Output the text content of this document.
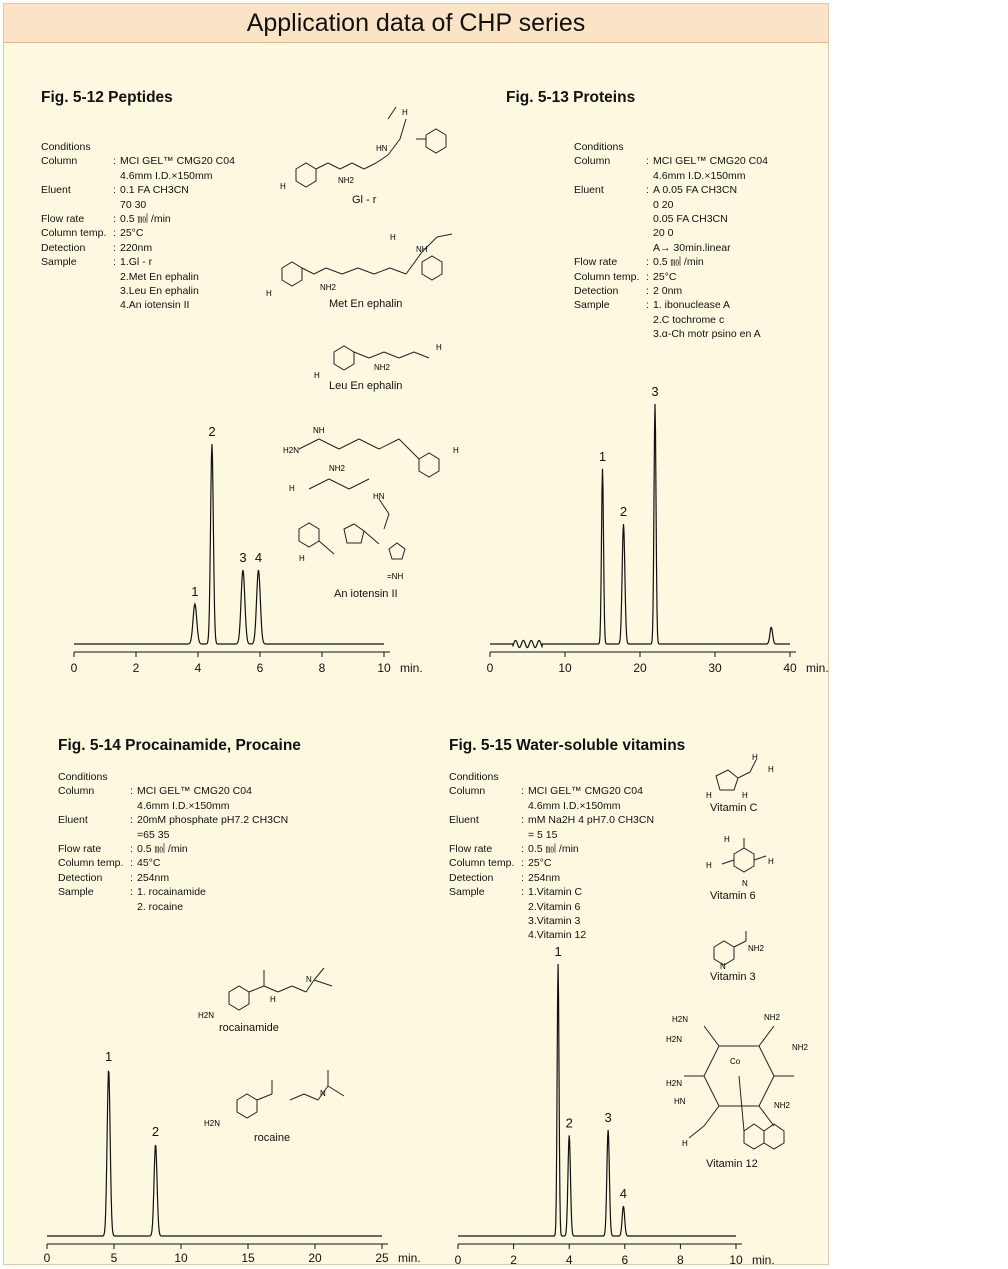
Application data of CHP series
Fig. 5-12 Peptides	Fig. 5-13 Proteins
Fig. 5-14 Procainamide, Procaine	Fig. 5-15 Water-soluble vitamins
Conditions
Column	: MCI GEL™ CMG20 C04
4.6mm I.D.×150mm
Eluent	: 0.1 FA CH3CN
70 30
Flow rate	: 0.5 ㏖ /min
Column temp. : 25°C
Detection	: 220nm
Sample	: 1.Gl - r
2.Met En ephalin
3.Leu En ephalin
4.An iotensin II
Conditions
Column	: MCI GEL™ CMG20 C04
4.6mm I.D.×150mm
Eluent	: A 0.05 FA CH3CN
0 20
0.05 FA CH3CN
20 0
A→ 30min.linear
Flow rate	: 0.5 ㏖ /min
Column temp. : 25°C
Detection	: 2 0nm
Sample	: 1. ibonuclease A
2.C tochrome c
3.α-Ch motr psino en A
Conditions
Column	: MCI GEL™ CMG20 C04
4.6mm I.D.×150mm
Eluent	: 20mM phosphate pH7.2 CH3CN
=65 35
Flow rate	: 0.5 ㏖ /min
Column temp. : 45°C
Detection	: 254nm
Sample	: 1. rocainamide
2. rocaine
Conditions
Column	: MCI GEL™ CMG20 C04
4.6mm I.D.×150mm
Eluent	: mM Na2H 4 pH7.0 CH3CN
= 5 15
Flow rate	: 0.5 ㏖ /min
Column temp. : 25°C
Detection	: 254nm
Sample	: 1.Vitamin C
2.Vitamin 6
3.Vitamin 3
4.Vitamin 12
Gl - r
Met En ephalin
Leu En ephalin
An iotensin II
rocainamide
rocaine
Vitamin C
Vitamin 6
Vitamin 3
Vitamin 12
H
NH2
HN
H
H
NH2
H
NH
H
NH2
H
H2N
NH
H
NH2
HN
H
H
=NH
H2N
H
N
H2N
N
H
H
H	H
H
H	H
N
NH2
N
H2N	NH2
H2N
NH2
Co
H2N
HN	NH2
H
0	2	4	6	8	10 min.
1
2
3 4
0	10	20	30	40 min.
1
2
3
0	5	10	15	20	25 min.
1
2
0	2	4	6	8	10 min.
1
2 3
4
